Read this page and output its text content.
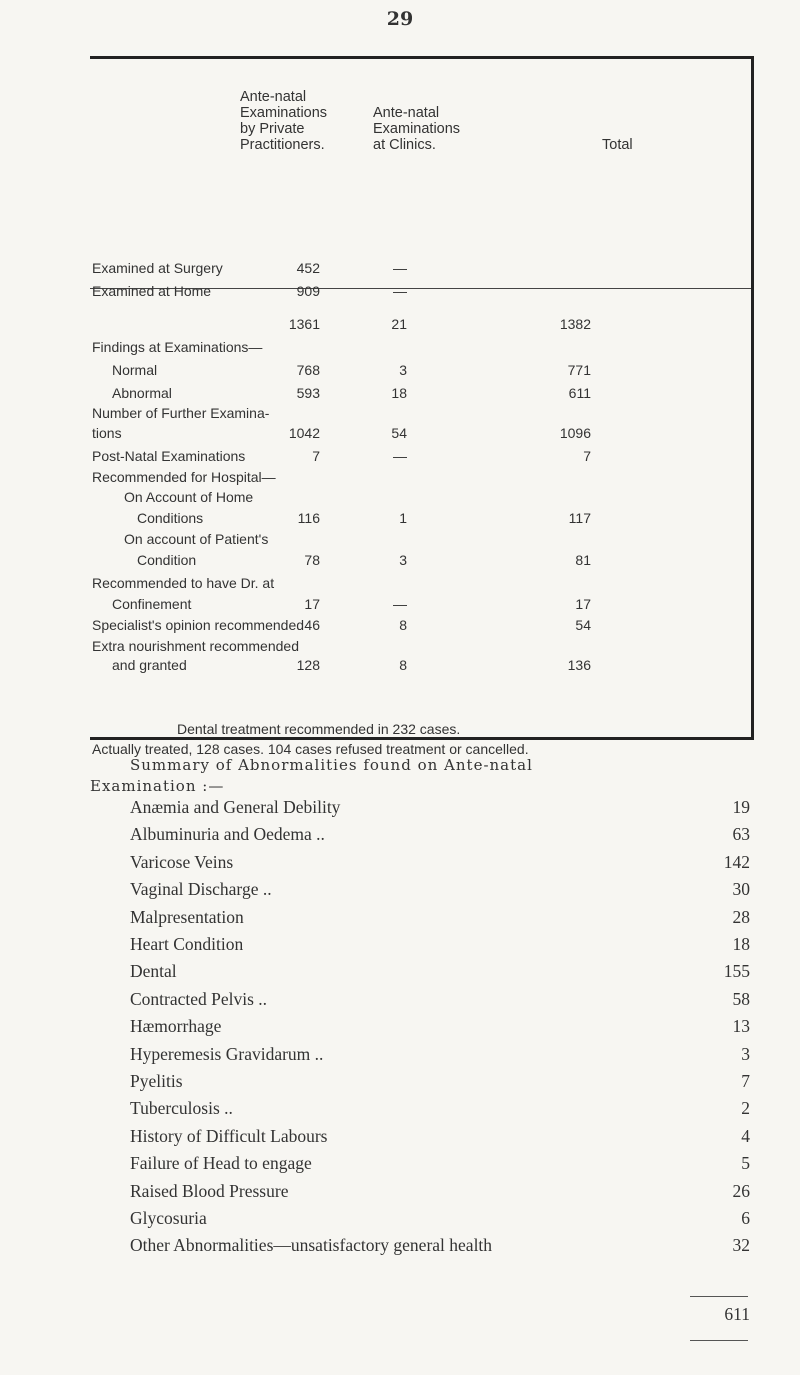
29
Ante-natal
Examinations
by Private
Practitioners.
Ante-natal
Examinations
at Clinics.	Total
Examined at Surgery	452	—
Examined at Home	909	—
1361	21	1382
Findings at Examinations—
Normal	768	3	771
Abnormal	593	18	611
Number of Further Examina-
tions	1042	54	1096
Post-Natal Examinations	7	—	7
Recommended for Hospital—
On Account of Home
Conditions	116	1	117
On account of Patient's
Condition	78	3	81
Recommended to have Dr. at
Confinement	17	—	17
Specialist's opinion recommended 46	8	54
Extra nourishment recommended
and granted	128	8	136
Dental treatment recommended in 232 cases.
Actually treated, 128 cases. 104 cases refused treatment or cancelled.
Summary of Abnormalities found on Ante-natal
Examination :—
Anæmia and General Debility	19
Albuminuria and Oedema ..	63
Varicose Veins	142
Vaginal Discharge ..	30
Malpresentation	28
Heart Condition	18
Dental	155
Contracted Pelvis ..	58
Hæmorrhage	13
Hyperemesis Gravidarum ..	3
Pyelitis	7
Tuberculosis ..	2
History of Difficult Labours	4
Failure of Head to engage	5
Raised Blood Pressure	26
Glycosuria	6
Other Abnormalities—unsatisfactory general health	32
611
